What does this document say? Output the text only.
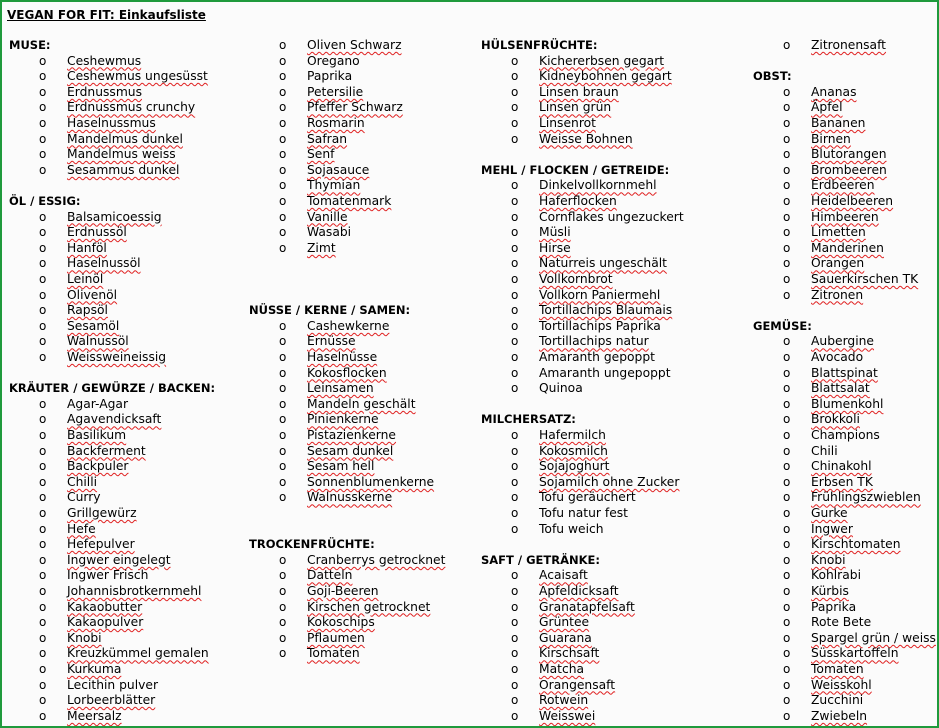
VEGAN FOR FIT: Einkaufsliste
MUSE:
o Ceshewmus
o Ceshewmus ungesüsst
o Erdnussmus
o Erdnussmus crunchy
o Haselnussmus
o Mandelmus dunkel
o Mandelmus weiss
o Sesammus dunkel
ÖL / ESSIG:
o Balsamicoessig
o Erdnussöl
o Hanföl
o Haselnussöl
o Leinöl
o Olivenöl
o Rapsöl
o Sesamöl
o Walnussöl
o Weissweineissig
KRÄUTER / GEWÜRZE / BACKEN:
o Agar-Agar
o Agavendicksaft
o Basilikum
o Backferment
o Backpuler
o Chilli
o Curry
o Grillgewürz
o Hefe
o Hefepulver
o Ingwer eingelegt
o Ingwer Frisch
o Johannisbrotkernmehl
o Kakaobutter
o Kakaopulver
o Knobi
o Kreuzkümmel gemalen
o Kurkuma
o Lecithin pulver
o Lorbeerblätter
o Meersalz
o Oliven Schwarz
o Oregano
o Paprika
o Petersilie
o Pfeffer Schwarz
o Rosmarin
o Safran
o Senf
o Sojasauce
o Thymian
o Tomatenmark
o Vanille
o Wasabi
o Zimt
NÜSSE / KERNE / SAMEN:
o Cashewkerne
o Ernüsse
o Haselnüsse
o Kokosflocken
o Leinsamen
o Mandeln geschält
o Pinienkerne
o Pistazienkerne
o Sesam dunkel
o Sesam hell
o Sonnenblumenkerne
o Walnusskerne
TROCKENFRÜCHTE:
o Cranberrys getrocknet
o Datteln
o Goji-Beeren
o Kirschen getrocknet
o Kokoschips
o Pflaumen
o Tomaten
HÜLSENFRÜCHTE:
o Kichererbsen gegart
o Kidneybohnen gegart
o Linsen braun
o Linsen grün
o Linsenrot
o Weisse Bohnen
MEHL / FLOCKEN / GETREIDE:
o Dinkelvollkornmehl
o Haferflocken
o Cornflakes ungezuckert
o Müsli
o Hirse
o Naturreis ungeschält
o Vollkornbrot
o Vollkorn Paniermehl
o Tortillachips Blaumais
o Tortillachips Paprika
o Tortillachips natur
o Amaranth gepoppt
o Amaranth ungepoppt
o Quinoa
MILCHERSATZ:
o Hafermilch
o Kokosmilch
o Sojajoghurt
o Sojamilch ohne Zucker
o Tofu geräuchert
o Tofu natur fest
o Tofu weich
SAFT / GETRÄNKE:
o Acaisaft
o Apfeldicksaft
o Granatapfelsaft
o Grüntee
o Guarana
o Kirschsaft
o Matcha
o Orangensaft
o Rotwein
o Weisswei
o Zitronensaft
OBST:
o Ananas
o Äpfel
o Bananen
o Birnen
o Blutorangen
o Brombeeren
o Erdbeeren
o Heidelbeeren
o Himbeeren
o Limetten
o Manderinen
o Orangen
o Sauerkirschen TK
o Zitronen
GEMÜSE:
o Aubergine
o Avocado
o Blattspinat
o Blattsalat
o Blumenkohl
o Brokkoli
o Champions
o Chili
o Chinakohl
o Erbsen TK
o Frühlingszwieblen
o Gurke
o Ingwer
o Kirschtomaten
o Knobi
o Kohlrabi
o Kürbis
o Paprika
o Rote Bete
o Spargel grün / weiss
o Süsskartoffeln
o Tomaten
o Weisskohl
o Zucchini
o Zwiebeln
